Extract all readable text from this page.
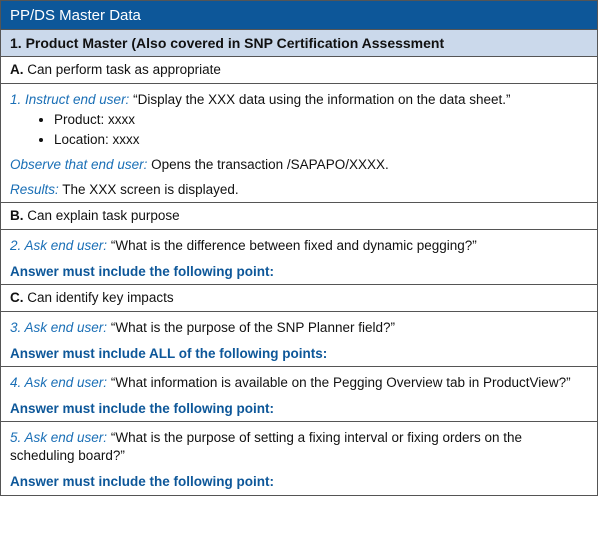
PP/DS Master Data
1. Product Master (Also covered in SNP Certification Assessment
A. Can perform task as appropriate
1. Instruct end user: “Display the XXX data using the information on the data sheet.”
• Product: xxxx
• Location: xxxx
Observe that end user: Opens the transaction /SAPAPO/XXXX.
Results: The XXX screen is displayed.
B. Can explain task purpose
2. Ask end user: “What is the difference between fixed and dynamic pegging?”
Answer must include the following point:
C. Can identify key impacts
3. Ask end user: “What is the purpose of the SNP Planner field?”
Answer must include ALL of the following points:
4. Ask end user: “What information is available on the Pegging Overview tab in ProductView?”
Answer must include the following point:
5. Ask end user: “What is the purpose of setting a fixing interval or fixing orders on the scheduling board?”
Answer must include the following point:
